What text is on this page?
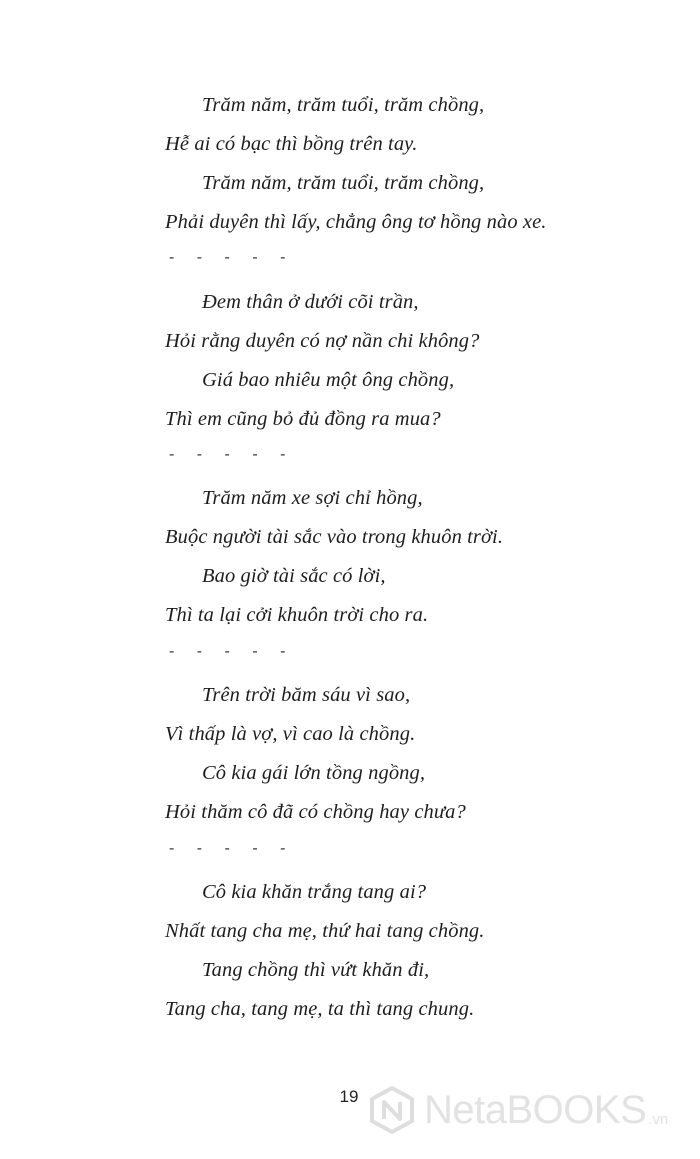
Trăm năm, trăm tuổi, trăm chồng,
Hễ ai có bạc thì bồng trên tay.
Trăm năm, trăm tuổi, trăm chồng,
Phải duyên thì lấy, chẳng ông tơ hồng nào xe.
- - - - -
Đem thân ở dưới cõi trần,
Hỏi rằng duyên có nợ nần chi không?
Giá bao nhiêu một ông chồng,
Thì em cũng bỏ đủ đồng ra mua?
- - - - -
Trăm năm xe sợi chỉ hồng,
Buộc người tài sắc vào trong khuôn trời.
Bao giờ tài sắc có lời,
Thì ta lại cởi khuôn trời cho ra.
- - - - -
Trên trời băm sáu vì sao,
Vì thấp là vợ, vì cao là chồng.
Cô kia gái lớn tồng ngồng,
Hỏi thăm cô đã có chồng hay chưa?
- - - - -
Cô kia khăn trắng tang ai?
Nhất tang cha mẹ, thứ hai tang chồng.
Tang chồng thì vứt khăn đi,
Tang cha, tang mẹ, ta thì tang chung.
19	NetaBOOKS .vn
